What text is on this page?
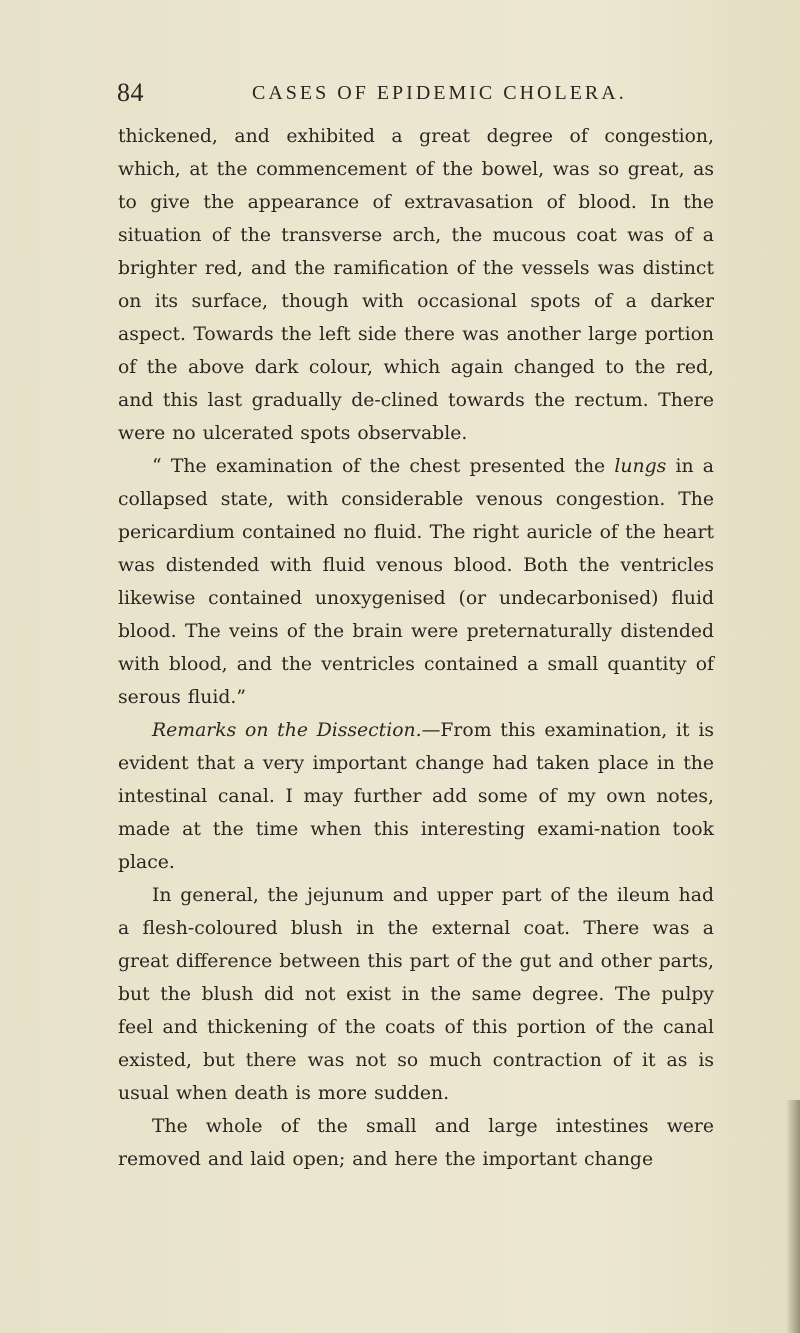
84	CASES OF EPIDEMIC CHOLERA.

thickened, and exhibited a great degree of congestion, which, at the commencement of the bowel, was so great, as to give the appearance of extravasation of blood. In the situation of the transverse arch, the mucous coat was of a brighter red, and the ramification of the vessels was distinct on its surface, though with occasional spots of a darker aspect. Towards the left side there was another large portion of the above dark colour, which again changed to the red, and this last gradually de-clined towards the rectum. There were no ulcerated spots observable.

“ The examination of the chest presented the lungs in a collapsed state, with considerable venous congestion. The pericardium contained no fluid. The right auricle of the heart was distended with fluid venous blood. Both the ventricles likewise contained unoxygenised (or undecarbonised) fluid blood. The veins of the brain were preternaturally distended with blood, and the ventricles contained a small quantity of serous fluid.”

Remarks on the Dissection.—From this examination, it is evident that a very important change had taken place in the intestinal canal. I may further add some of my own notes, made at the time when this interesting exami-nation took place.

In general, the jejunum and upper part of the ileum had a flesh-coloured blush in the external coat. There was a great difference between this part of the gut and other parts, but the blush did not exist in the same degree. The pulpy feel and thickening of the coats of this portion of the canal existed, but there was not so much contraction of it as is usual when death is more sudden.

The whole of the small and large intestines were removed and laid open; and here the important change
